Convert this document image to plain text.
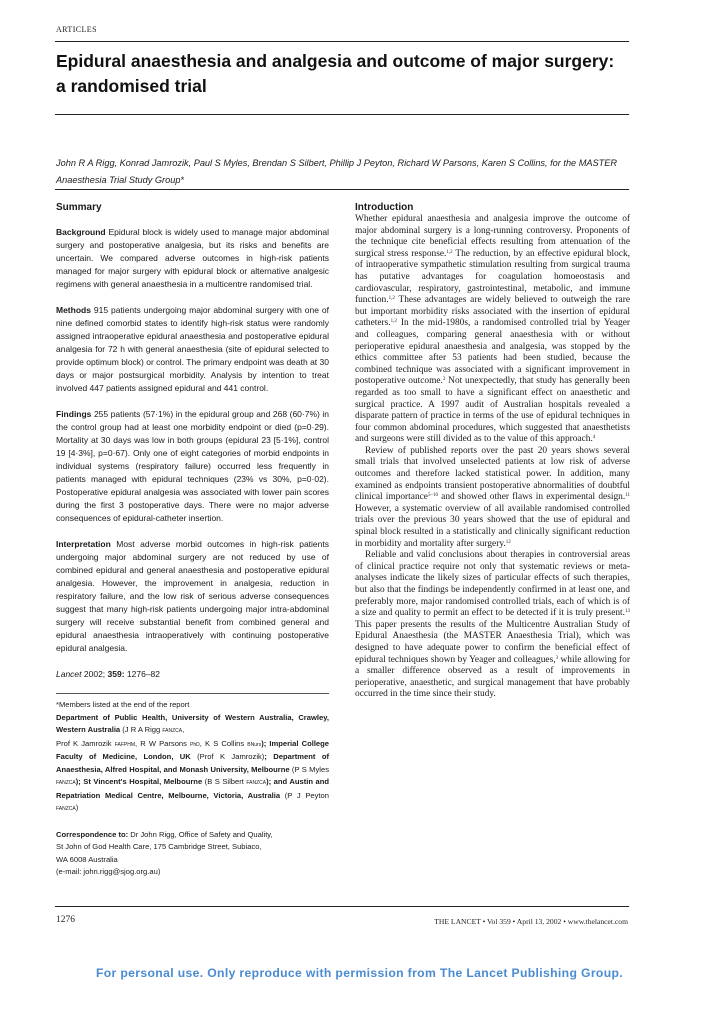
ARTICLES
Epidural anaesthesia and analgesia and outcome of major surgery: a randomised trial

John R A Rigg, Konrad Jamrozik, Paul S Myles, Brendan S Silbert, Phillip J Peyton, Richard W Parsons, Karen S Collins, for the MASTER Anaesthesia Trial Study Group*

Summary

Background Epidural block is widely used to manage major abdominal surgery and postoperative analgesia, but its risks and benefits are uncertain. We compared adverse outcomes in high-risk patients managed for major surgery with epidural block or alternative analgesic regimens with general anaesthesia in a multicentre randomised trial.

Methods 915 patients undergoing major abdominal surgery with one of nine defined comorbid states to identify high-risk status were randomly assigned intraoperative epidural anaesthesia and postoperative epidural analgesia for 72 h with general anaesthesia (site of epidural selected to provide optimum block) or control. The primary endpoint was death at 30 days or major postsurgical morbidity. Analysis by intention to treat involved 447 patients assigned epidural and 441 control.

Findings 255 patients (57·1%) in the epidural group and 268 (60·7%) in the control group had at least one morbidity endpoint or died (p=0·29). Mortality at 30 days was low in both groups (epidural 23 [5·1%], control 19 [4·3%], p=0·67). Only one of eight categories of morbid endpoints in individual systems (respiratory failure) occurred less frequently in patients managed with epidural techniques (23% vs 30%, p=0·02). Postoperative epidural analgesia was associated with lower pain scores during the first 3 postoperative days. There were no major adverse consequences of epidural-catheter insertion.

Interpretation Most adverse morbid outcomes in high-risk patients undergoing major abdominal surgery are not reduced by use of combined epidural and general anaesthesia and postoperative epidural analgesia. However, the improvement in analgesia, reduction in respiratory failure, and the low risk of serious adverse consequences suggest that many high-risk patients undergoing major intra-abdominal surgery will receive substantial benefit from combined general and epidural anaesthesia intraoperatively with continuing postoperative epidural analgesia.

Lancet 2002; 359: 1276–82

*Members listed at the end of the report
Department of Public Health, University of Western Australia, Crawley, Western Australia (J R A Rigg FANZCA,
Prof K Jamrozik FAFPHM, R W Parsons PhD, K S Collins BNurs); Imperial College Faculty of Medicine, London, UK (Prof K Jamrozik); Department of Anaesthesia, Alfred Hospital, and Monash University, Melbourne (P S Myles FANZCA); St Vincent's Hospital, Melbourne (B S Silbert FANZCA); and Austin and Repatriation Medical Centre, Melbourne, Victoria, Australia (P J Peyton FANZCA)

Correspondence to: Dr John Rigg, Office of Safety and Quality,
St John of God Health Care, 175 Cambridge Street, Subiaco,
WA 6008 Australia
(e-mail: john.rigg@sjog.org.au)
Introduction

Whether epidural anaesthesia and analgesia improve the outcome of major abdominal surgery is a long-running controversy. Proponents of the technique cite beneficial effects resulting from attenuation of the surgical stress response.$^{1,2}$ The reduction, by an effective epidural block, of intraoperative sympathetic stimulation resulting from surgical trauma has putative advantages for coagulation homoeostasis and cardiovascular, respiratory, gastrointestinal, metabolic, and immune function.$^{1,2}$ These advantages are widely believed to outweigh the rare but important morbidity risks associated with the insertion of epidural catheters.$^{1,2}$ In the mid-1980s, a randomised controlled trial by Yeager and colleagues, comparing general anaesthesia with or without perioperative epidural anaesthesia and analgesia, was stopped by the ethics committee after 53 patients had been studied, because the combined technique was associated with a significant improvement in postoperative outcome.$^3$ Not unexpectedly, that study has generally been regarded as too small to have a significant effect on anaesthetic and surgical practice. A 1997 audit of Australian hospitals revealed a disparate pattern of practice in terms of the use of epidural techniques in four common abdominal procedures, which suggested that anaesthetists and surgeons were still divided as to the value of this approach.$^4$

Review of published reports over the past 20 years shows several small trials that involved unselected patients at low risk of adverse outcomes and therefore lacked statistical power. In addition, many examined as endpoints transient postoperative abnormalities of doubtful clinical importance$^{5-10}$ and showed other flaws in experimental design.$^{11}$ However, a systematic overview of all available randomised controlled trials over the previous 30 years showed that the use of epidural and spinal block resulted in a statistically and clinically significant reduction in morbidity and mortality after surgery.$^{12}$

Reliable and valid conclusions about therapies in controversial areas of clinical practice require not only that systematic reviews or meta-analyses indicate the likely sizes of particular effects of such therapies, but also that the findings be independently confirmed in at least one, and preferably more, major randomised controlled trials, each of which is of a size and quality to permit an effect to be detected if it is truly present.$^{13}$ This paper presents the results of the Multicentre Australian Study of Epidural Anaesthesia (the MASTER Anaesthesia Trial), which was designed to have adequate power to confirm the beneficial effect of epidural techniques shown by Yeager and colleagues,$^3$ while allowing for a smaller difference observed as a result of improvements in perioperative, anaesthetic, and surgical management that have probably occurred in the time since their study.

1276	THE LANCET • Vol 359 • April 13, 2002 • www.thelancet.com
For personal use. Only reproduce with permission from The Lancet Publishing Group.
